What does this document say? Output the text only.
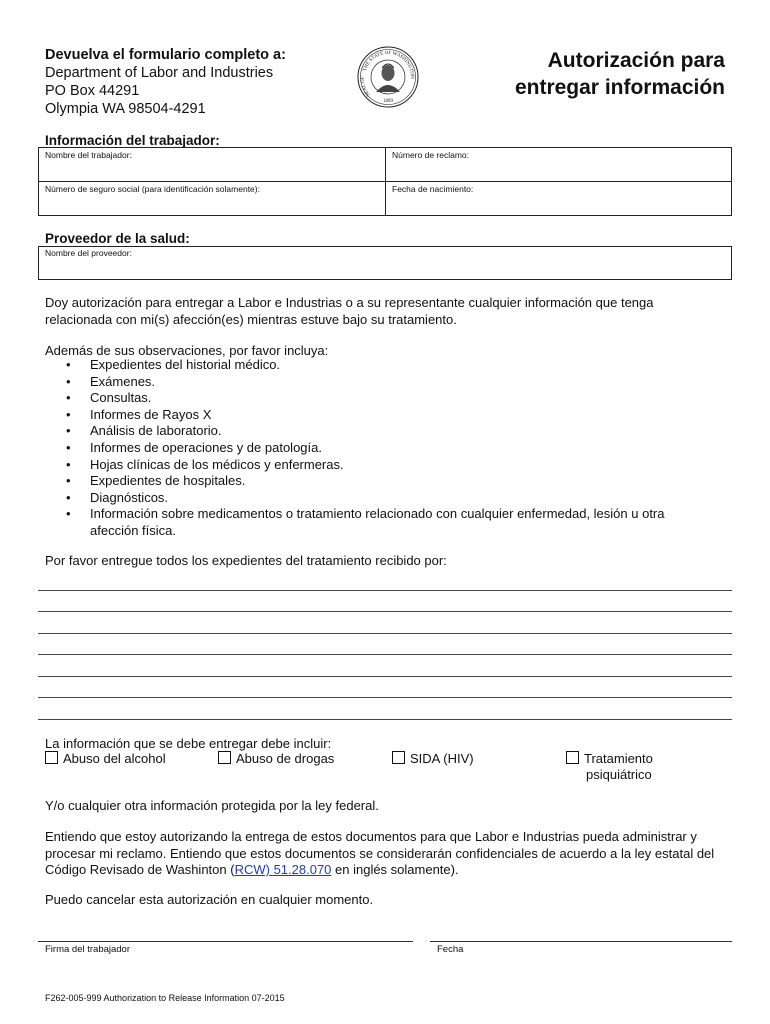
Devuelva el formulario completo a:
Department of Labor and Industries
PO Box 44291
Olympia WA 98504-4291
THE STATE OF WASHINGTON
SEAL OF
1889
Autorización para
entregar información
Información del trabajador:
Nombre del trabajador:	Número de reclamo:
Número de seguro social (para identificación solamente):	Fecha de nacimiento:
Proveedor de la salud:
Nombre del proveedor:
Doy autorización para entregar a Labor e Industrias o a su representante cualquier información que tenga relacionada con mi(s) afección(es) mientras estuve bajo su tratamiento.
Además de sus observaciones, por favor incluya:
• Expedientes del historial médico.
• Exámenes.
• Consultas.
• Informes de Rayos X
• Análisis de laboratorio.
• Informes de operaciones y de patología.
• Hojas clínicas de los médicos y enfermeras.
• Expedientes de hospitales.
• Diagnósticos.
• Información sobre medicamentos o tratamiento relacionado con cualquier enfermedad, lesión u otra afección física.
Por favor entregue todos los expedientes del tratamiento recibido por:
La información que se debe entregar debe incluir:
Abuso del alcohol	Abuso de drogas	SIDA (HIV)	Tratamiento
psiquiátrico
Y/o cualquier otra información protegida por la ley federal.
Entiendo que estoy autorizando la entrega de estos documentos para que Labor e Industrias pueda administrar y procesar mi reclamo. Entiendo que estos documentos se considerarán confidenciales de acuerdo a la ley estatal del Código Revisado de Washinton (RCW) 51.28.070 en inglés solamente).
Puedo cancelar esta autorización en cualquier momento.
Firma del trabajador	Fecha
F262-005-999 Authorization to Release Information 07-2015
